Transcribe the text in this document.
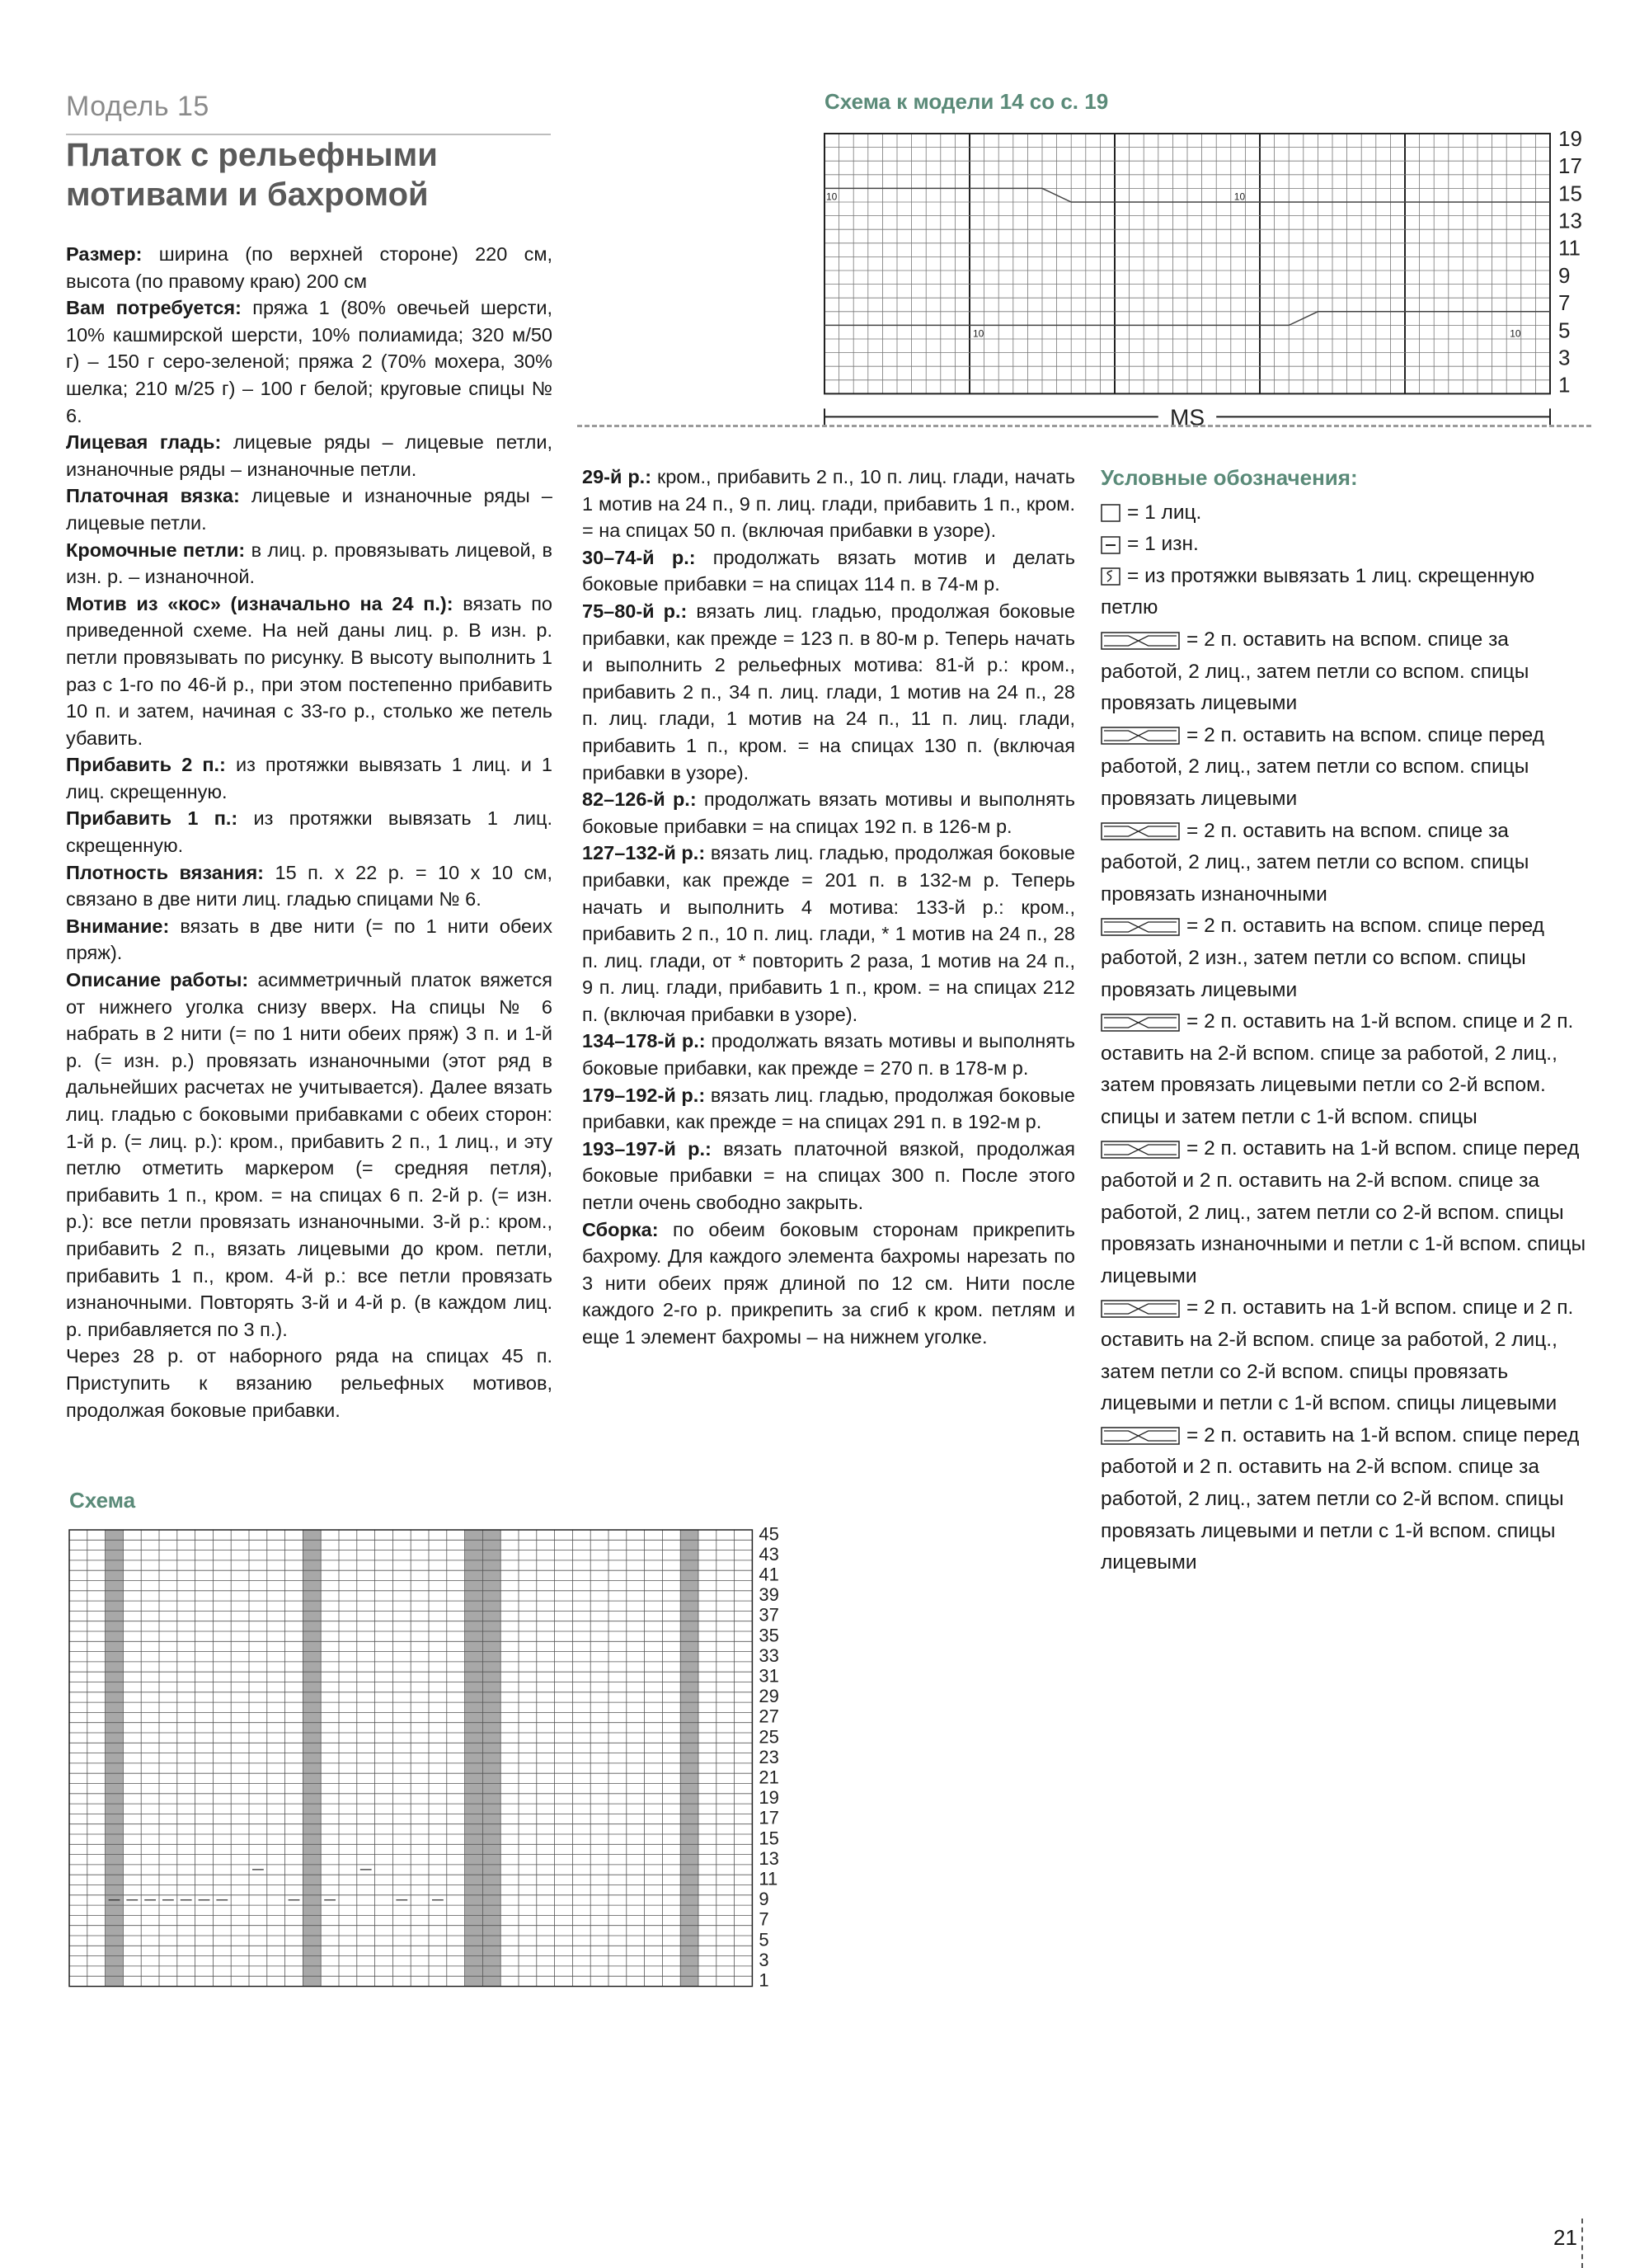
Модель 15
Платок с рельефными
мотивами и бахромой

Размер: ширина (по верхней стороне) 220 см, высота (по правому краю) 200 см

Вам потребуется: пряжа 1 (80% овечьей шерсти, 10% кашмирской шерсти, 10% полиамида; 320 м/50 г) – 150 г серо-зеленой; пряжа 2 (70% мохера, 30% шелка; 210 м/25 г) – 100 г белой; круговые спицы № 6.

Лицевая гладь: лицевые ряды – лицевые петли, изнаночные ряды – изнаночные петли.

Платочная вязка: лицевые и изнаночные ряды – лицевые петли.

Кромочные петли: в лиц. р. провязывать лицевой, в изн. р. – изнаночной.

Мотив из «кос» (изначально на 24 п.): вязать по приведенной схеме. На ней даны лиц. р. В изн. р. петли провязывать по рисунку. В высоту выполнить 1 раз с 1-го по 46-й р., при этом постепенно прибавить 10 п. и затем, начиная с 33-го р., столько же петель убавить.

Прибавить 2 п.: из протяжки вывязать 1 лиц. и 1 лиц. скрещенную.

Прибавить 1 п.: из протяжки вывязать 1 лиц. скрещенную.

Плотность вязания: 15 п. х 22 р. = 10 х 10 см, связано в две нити лиц. гладью спицами № 6.

Внимание: вязать в две нити (= по 1 нити обеих пряж).

Описание работы: асимметричный платок вяжется от нижнего уголка снизу вверх. На спицы № 6 набрать в 2 нити (= по 1 нити обеих пряж) 3 п. и 1-й р. (= изн. р.) провязать изнаночными (этот ряд в дальнейших расчетах не учитывается). Далее вязать лиц. гладью с боковыми прибавками с обеих сторон: 1-й р. (= лиц. р.): кром., прибавить 2 п., 1 лиц., и эту петлю отметить маркером (= средняя петля), прибавить 1 п., кром. = на спицах 6 п. 2-й р. (= изн. р.): все петли провязать изнаночными. 3-й р.: кром., прибавить 2 п., вязать лицевыми до кром. петли, прибавить 1 п., кром. 4-й р.: все петли провязать изнаночными. Повторять 3-й и 4-й р. (в каждом лиц. р. прибавляется по 3 п.).

Через 28 р. от наборного ряда на спицах 45 п. Приступить к вязанию рельефных мотивов, продолжая боковые прибавки.

29-й р.: кром., прибавить 2 п., 10 п. лиц. глади, начать 1 мотив на 24 п., 9 п. лиц. глади, прибавить 1 п., кром. = на спицах 50 п. (включая прибавки в узоре).

30–74-й р.: продолжать вязать мотив и делать боковые прибавки = на спицах 114 п. в 74-м р.

75–80-й р.: вязать лиц. гладью, продолжая боковые прибавки, как прежде = 123 п. в 80-м р. Теперь начать и выполнить 2 рельефных мотива: 81-й р.: кром., прибавить 2 п., 34 п. лиц. глади, 1 мотив на 24 п., 28 п. лиц. глади, 1 мотив на 24 п., 11 п. лиц. глади, прибавить 1 п., кром. = на спицах 130 п. (включая прибавки в узоре).

82–126-й р.: продолжать вязать мотивы и выполнять боковые прибавки = на спицах 192 п. в 126-м р.

127–132-й р.: вязать лиц. гладью, продолжая боковые прибавки, как прежде = 201 п. в 132-м р. Теперь начать и выполнить 4 мотива: 133-й р.: кром., прибавить 2 п., 10 п. лиц. глади, * 1 мотив на 24 п., 28 п. лиц. глади, от * повторить 2 раза, 1 мотив на 24 п., 9 п. лиц. глади, прибавить 1 п., кром. = на спицах 212 п. (включая прибавки в узоре).

134–178-й р.: продолжать вязать мотивы и выполнять боковые прибавки, как прежде = 270 п. в 178-м р.

179–192-й р.: вязать лиц. гладью, продолжая боковые прибавки, как прежде = на спицах 291 п. в 192-м р.

193–197-й р.: вязать платочной вязкой, продолжая боковые прибавки = на спицах 300 п. После этого петли очень свободно закрыть.

Сборка: по обеим боковым сторонам прикрепить бахрому. Для каждого элемента бахромы нарезать по 3 нити обеих пряж длиной по 12 см. Нити после каждого 2-го р. прикрепить за сгиб к кром. петлям и еще 1 элемент бахромы – на нижнем уголке.

Схема к модели 14 со с. 19
10	10
10	10
19
17
15
13
11
9
7
5
3
1
MS
Схема
45
43
41
39
37
35
33
31
29
27
25
23
21
19
17
15
13
11
9
7
5
3
1
Условные обозначения:
= 1 лиц.
= 1 изн.
= из протяжки вывязать 1 лиц. скрещенную петлю
= 2 п. оставить на вспом. спице за работой, 2 лиц., затем петли со вспом. спицы провязать лицевыми
= 2 п. оставить на вспом. спице перед работой, 2 лиц., затем петли со вспом. спицы провязать лицевыми
= 2 п. оставить на вспом. спице за работой, 2 лиц., затем петли со вспом. спицы провязать изнаночными
= 2 п. оставить на вспом. спице перед работой, 2 изн., затем петли со вспом. спицы провязать лицевыми
= 2 п. оставить на 1-й вспом. спице и 2 п. оставить на 2-й вспом. спице за работой, 2 лиц., затем провязать лицевыми петли со 2-й вспом. спицы и затем петли с 1-й вспом. спицы
= 2 п. оставить на 1-й вспом. спице перед работой и 2 п. оставить на 2-й вспом. спице за работой, 2 лиц., затем петли со 2-й вспом. спицы провязать изнаночными и петли с 1-й вспом. спицы лицевыми
= 2 п. оставить на 1-й вспом. спице и 2 п. оставить на 2-й вспом. спице за работой, 2 лиц., затем петли со 2-й вспом. спицы провязать лицевыми и петли с 1-й вспом. спицы лицевыми
= 2 п. оставить на 1-й вспом. спице перед работой и 2 п. оставить на 2-й вспом. спице за работой, 2 лиц., затем петли со 2-й вспом. спицы провязать лицевыми и петли с 1-й вспом. спицы лицевыми
21
